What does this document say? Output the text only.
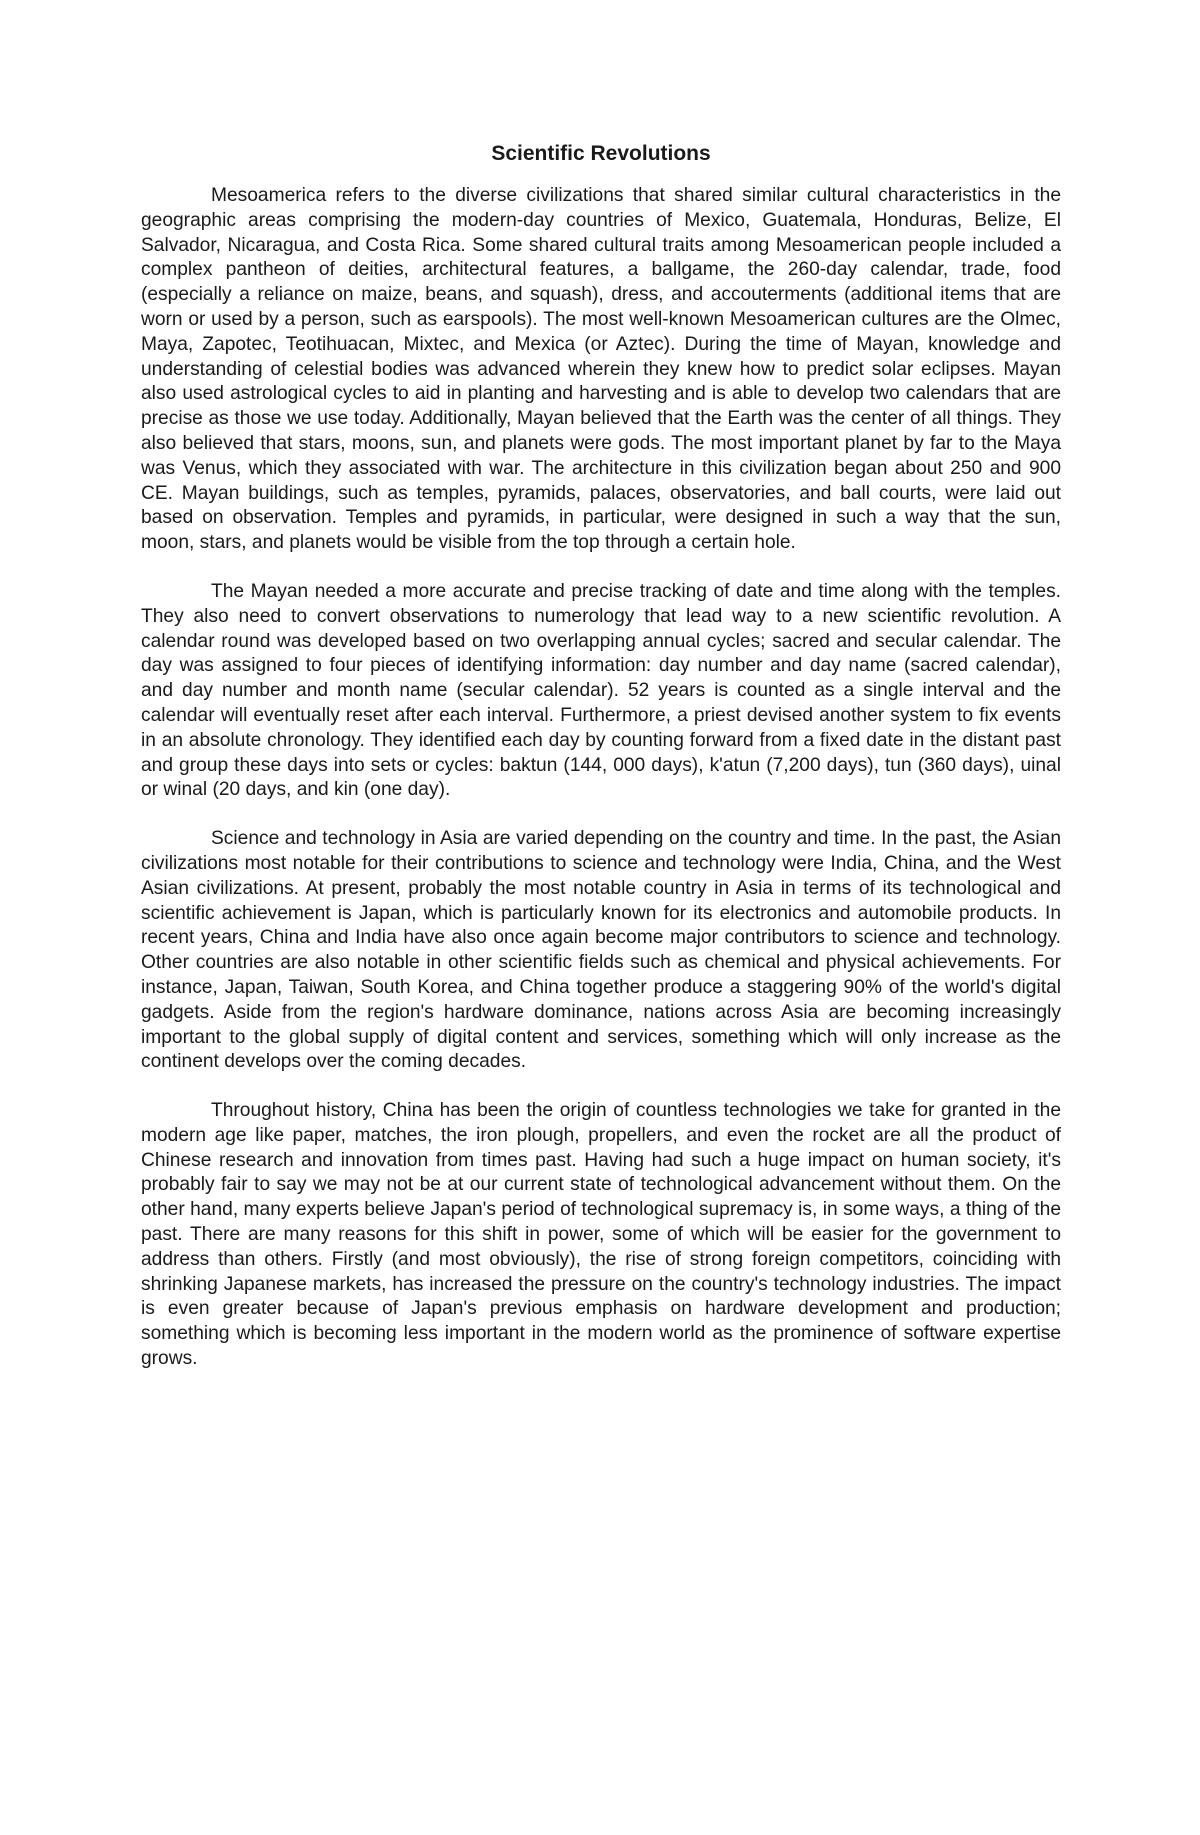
Scientific Revolutions

Mesoamerica refers to the diverse civilizations that shared similar cultural characteristics in the geographic areas comprising the modern-day countries of Mexico, Guatemala, Honduras, Belize, El Salvador, Nicaragua, and Costa Rica. Some shared cultural traits among Mesoamerican people included a complex pantheon of deities, architectural features, a ballgame, the 260-day calendar, trade, food (especially a reliance on maize, beans, and squash), dress, and accouterments (additional items that are worn or used by a person, such as earspools). The most well-known Mesoamerican cultures are the Olmec, Maya, Zapotec, Teotihuacan, Mixtec, and Mexica (or Aztec). During the time of Mayan, knowledge and understanding of celestial bodies was advanced wherein they knew how to predict solar eclipses. Mayan also used astrological cycles to aid in planting and harvesting and is able to develop two calendars that are precise as those we use today. Additionally, Mayan believed that the Earth was the center of all things. They also believed that stars, moons, sun, and planets were gods. The most important planet by far to the Maya was Venus, which they associated with war. The architecture in this civilization began about 250 and 900 CE. Mayan buildings, such as temples, pyramids, palaces, observatories, and ball courts, were laid out based on observation. Temples and pyramids, in particular, were designed in such a way that the sun, moon, stars, and planets would be visible from the top through a certain hole.

The Mayan needed a more accurate and precise tracking of date and time along with the temples. They also need to convert observations to numerology that lead way to a new scientific revolution. A calendar round was developed based on two overlapping annual cycles; sacred and secular calendar. The day was assigned to four pieces of identifying information: day number and day name (sacred calendar), and day number and month name (secular calendar). 52 years is counted as a single interval and the calendar will eventually reset after each interval. Furthermore, a priest devised another system to fix events in an absolute chronology. They identified each day by counting forward from a fixed date in the distant past and group these days into sets or cycles: baktun (144, 000 days), k'atun (7,200 days), tun (360 days), uinal or winal (20 days, and kin (one day).

Science and technology in Asia are varied depending on the country and time. In the past, the Asian civilizations most notable for their contributions to science and technology were India, China, and the West Asian civilizations. At present, probably the most notable country in Asia in terms of its technological and scientific achievement is Japan, which is particularly known for its electronics and automobile products. In recent years, China and India have also once again become major contributors to science and technology. Other countries are also notable in other scientific fields such as chemical and physical achievements. For instance, Japan, Taiwan, South Korea, and China together produce a staggering 90% of the world's digital gadgets. Aside from the region's hardware dominance, nations across Asia are becoming increasingly important to the global supply of digital content and services, something which will only increase as the continent develops over the coming decades.

Throughout history, China has been the origin of countless technologies we take for granted in the modern age like paper, matches, the iron plough, propellers, and even the rocket are all the product of Chinese research and innovation from times past. Having had such a huge impact on human society, it's probably fair to say we may not be at our current state of technological advancement without them. On the other hand, many experts believe Japan's period of technological supremacy is, in some ways, a thing of the past. There are many reasons for this shift in power, some of which will be easier for the government to address than others. Firstly (and most obviously), the rise of strong foreign competitors, coinciding with shrinking Japanese markets, has increased the pressure on the country's technology industries. The impact is even greater because of Japan's previous emphasis on hardware development and production; something which is becoming less important in the modern world as the prominence of software expertise grows.
